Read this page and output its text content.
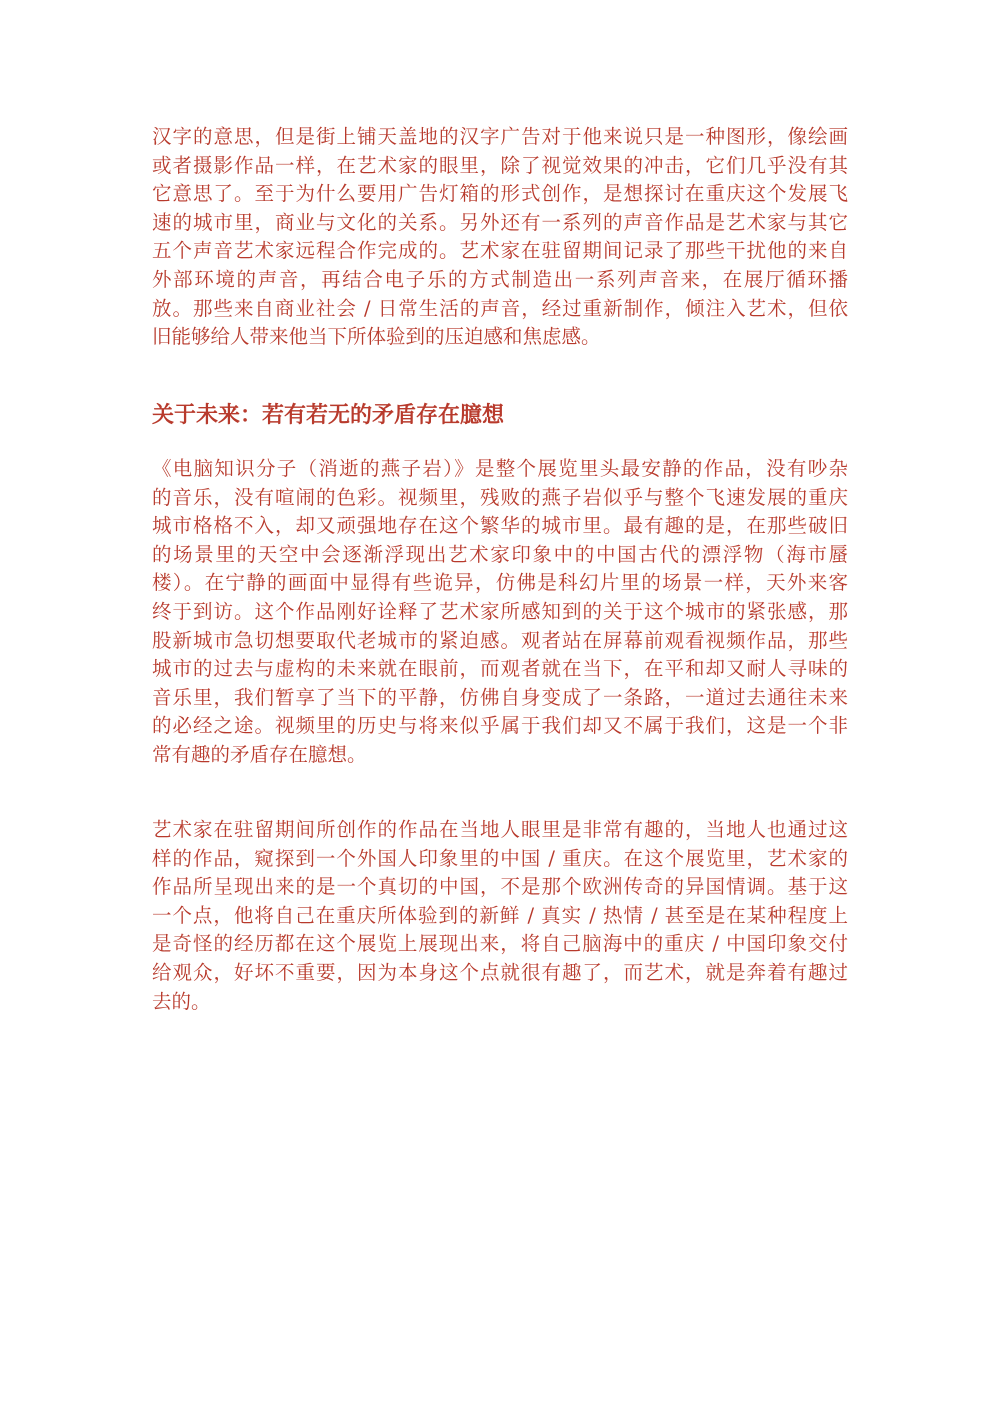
汉字的意思，但是街上铺天盖地的汉字广告对于他来说只是一种图形，像绘画
或者摄影作品一样，在艺术家的眼里，除了视觉效果的冲击，它们几乎没有其
它意思了。至于为什么要用广告灯箱的形式创作，是想探讨在重庆这个发展飞
速的城市里，商业与文化的关系。另外还有一系列的声音作品是艺术家与其它
五个声音艺术家远程合作完成的。艺术家在驻留期间记录了那些干扰他的来自
外部环境的声音，再结合电子乐的方式制造出一系列声音来，在展厅循环播
放。那些来自商业社会 / 日常生活的声音，经过重新制作，倾注入艺术，但依
旧能够给人带来他当下所体验到的压迫感和焦虑感。
关于未来：若有若无的矛盾存在臆想
《电脑知识分子（消逝的燕子岩）》是整个展览里头最安静的作品，没有吵杂
的音乐，没有喧闹的色彩。视频里，残败的燕子岩似乎与整个飞速发展的重庆
城市格格不入，却又顽强地存在这个繁华的城市里。最有趣的是，在那些破旧
的场景里的天空中会逐渐浮现出艺术家印象中的中国古代的漂浮物（海市蜃
楼）。在宁静的画面中显得有些诡异，仿佛是科幻片里的场景一样，天外来客
终于到访。这个作品刚好诠释了艺术家所感知到的关于这个城市的紧张感，那
股新城市急切想要取代老城市的紧迫感。观者站在屏幕前观看视频作品，那些
城市的过去与虚构的未来就在眼前，而观者就在当下，在平和却又耐人寻味的
音乐里，我们暂享了当下的平静，仿佛自身变成了一条路，一道过去通往未来
的必经之途。视频里的历史与将来似乎属于我们却又不属于我们，这是一个非
常有趣的矛盾存在臆想。
艺术家在驻留期间所创作的作品在当地人眼里是非常有趣的，当地人也通过这
样的作品，窥探到一个外国人印象里的中国 / 重庆。在这个展览里，艺术家的
作品所呈现出来的是一个真切的中国，不是那个欧洲传奇的异国情调。基于这
一个点，他将自己在重庆所体验到的新鲜 / 真实 / 热情 / 甚至是在某种程度上
是奇怪的经历都在这个展览上展现出来，将自己脑海中的重庆 / 中国印象交付
给观众，好坏不重要，因为本身这个点就很有趣了，而艺术，就是奔着有趣过
去的。
